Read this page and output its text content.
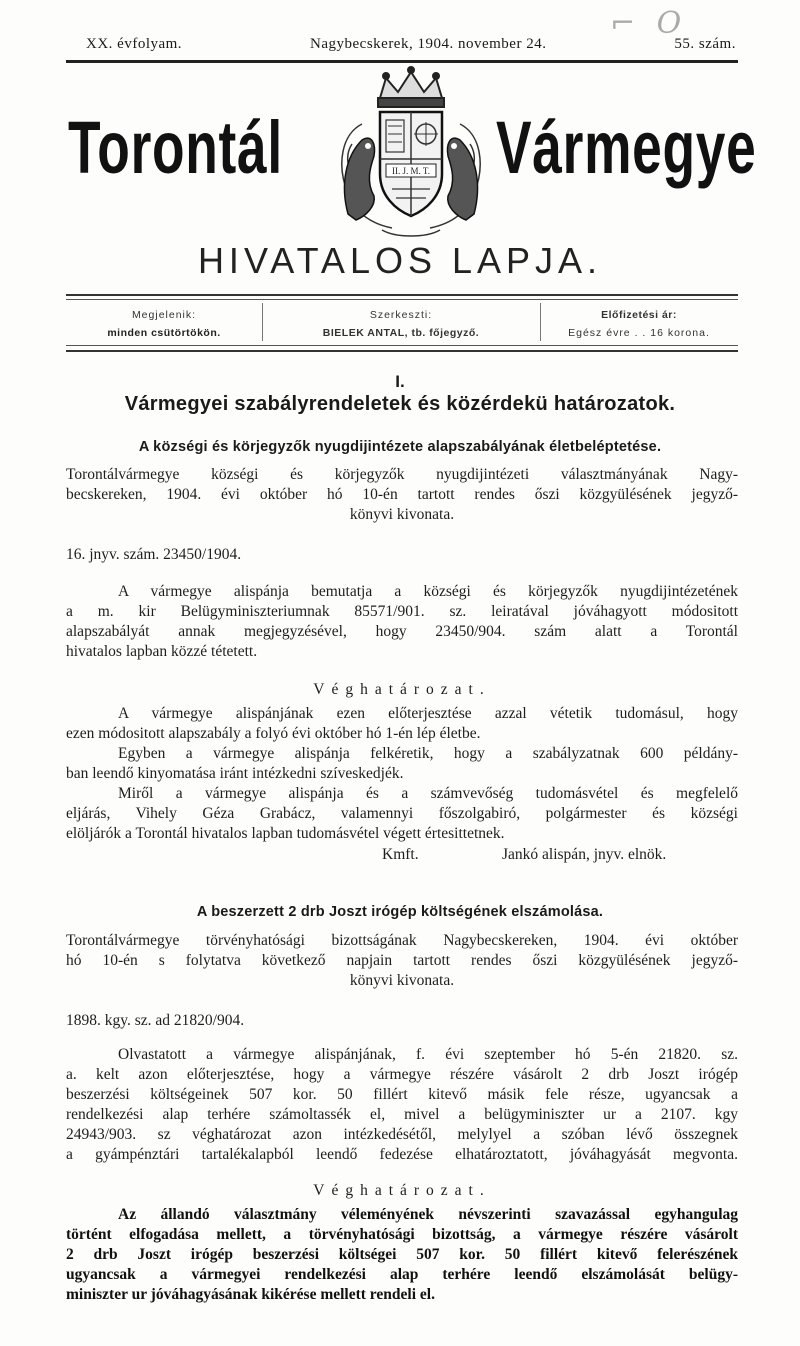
XX. évfolyam.	Nagybecskerek, 1904. november 24.	55. szám.
⌐ O
Torontál	Vármegye
II. J. M. T.
HIVATALOS LAPJA.
Megjelenik:
minden csütörtökön.
Szerkeszti:
BIELEK ANTAL, tb. főjegyző.
Előfizetési ár:
Egész évre . . 16 korona.
I.
Vármegyei szabályrendeletek és közérdekü határozatok.
A községi és körjegyzők nyugdijintézete alapszabályának életbeléptetése.
Torontálvármegye községi és körjegyzők nyugdijintézeti választmányának Nagy-
becskereken, 1904. évi október hó 10-én tartott rendes őszi közgyülésének jegyző-
könyvi kivonata.
16. jnyv. szám. 23450/1904.
A vármegye alispánja bemutatja a községi és körjegyzők nyugdijintézetének
a m. kir Belügyminiszteriumnak 85571/901. sz. leiratával jóváhagyott módositott
alapszabályát annak megjegyzésével, hogy 23450/904. szám alatt a Torontál
hivatalos lapban közzé tétetett.
Véghatározat.
A vármegye alispánjának ezen előterjesztése azzal vétetik tudomásul, hogy
ezen módositott alapszabály a folyó évi október hó 1-én lép életbe.
Egyben a vármegye alispánja felkéretik, hogy a szabályzatnak 600 példány-
ban leendő kinyomatása iránt intézkedni szíveskedjék.
Miről a vármegye alispánja és a számvevőség tudomásvétel és megfelelő
eljárás, Vihely Géza Grabácz, valamennyi főszolgabiró, polgármester és községi
elöljárók a Torontál hivatalos lapban tudomásvétel végett értesittetnek.
Kmft.	Jankó alispán, jnyv. elnök.
A beszerzett 2 drb Joszt irógép költségének elszámolása.
Torontálvármegye törvényhatósági bizottságának Nagybecskereken, 1904. évi október
hó 10-én s folytatva következő napjain tartott rendes őszi közgyülésének jegyző-
könyvi kivonata.
1898. kgy. sz. ad 21820/904.
Olvastatott a vármegye alispánjának, f. évi szeptember hó 5-én 21820. sz.
a. kelt azon előterjesztése, hogy a vármegye részére vásárolt 2 drb Joszt irógép
beszerzési költségeinek 507 kor. 50 fillért kitevő másik fele része, ugyancsak a
rendelkezési alap terhére számoltassék el, mivel a belügyminiszter ur a 2107. kgy
24943/903. sz véghatározat azon intézkedésétől, melylyel a szóban lévő összegnek
a gyámpénztári tartalékalapból leendő fedezése elhatároztatott, jóváhagyását megvonta.
Véghatározat.
Az állandó választmány véleményének névszerinti szavazással egyhangulag
történt elfogadása mellett, a törvényhatósági bizottság, a vármegye részére vásárolt
2 drb Joszt irógép beszerzési költségei 507 kor. 50 fillért kitevő felerészének
ugyancsak a vármegyei rendelkezési alap terhére leendő elszámolását belügy-
miniszter ur jóváhagyásának kikérése mellett rendeli el.
